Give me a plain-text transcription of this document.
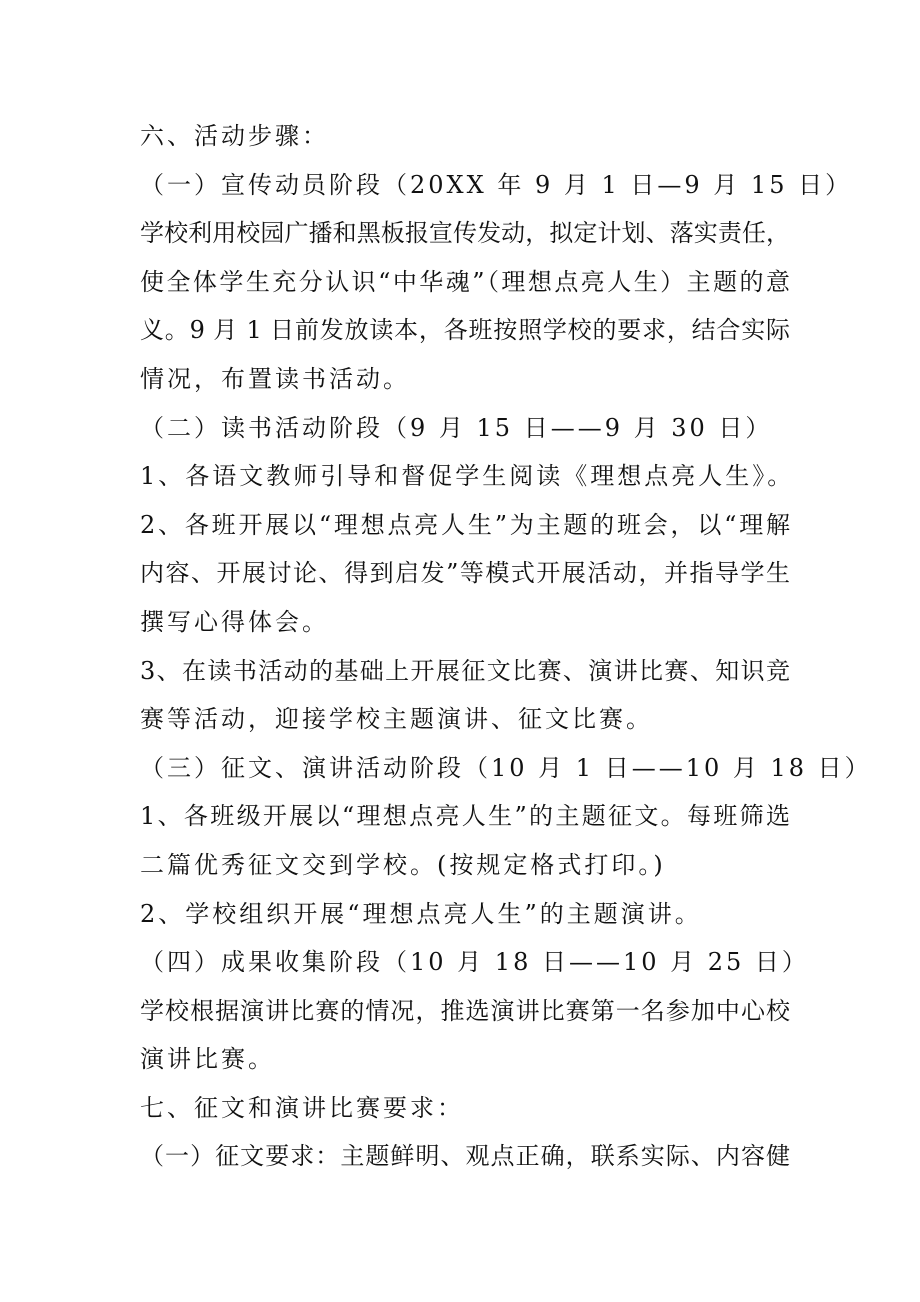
六、活动步骤：
（一）宣传动员阶段（20XX 年 9 月 1 日—9 月 15 日）
学校利用校园广播和黑板报宣传发动，拟定计划、落实责任，
使全体学生充分认识“中华魂”（理想点亮人生）主题的意
义。9 月 1 日前发放读本，各班按照学校的要求，结合实际
情况，布置读书活动。
（二）读书活动阶段（9 月 15 日——9 月 30 日）
1、各语文教师引导和督促学生阅读《理想点亮人生》。
2、各班开展以“理想点亮人生”为主题的班会，以“理解
内容、开展讨论、得到启发”等模式开展活动，并指导学生
撰写心得体会。
3、在读书活动的基础上开展征文比赛、演讲比赛、知识竞
赛等活动，迎接学校主题演讲、征文比赛。
（三）征文、演讲活动阶段（10 月 1 日——10 月 18 日）
1、各班级开展以“理想点亮人生”的主题征文。每班筛选
二篇优秀征文交到学校。(按规定格式打印。)
2、学校组织开展“理想点亮人生”的主题演讲。
（四）成果收集阶段（10 月 18 日——10 月 25 日）
学校根据演讲比赛的情况，推选演讲比赛第一名参加中心校
演讲比赛。
七、征文和演讲比赛要求：
（一）征文要求：主题鲜明、观点正确，联系实际、内容健
